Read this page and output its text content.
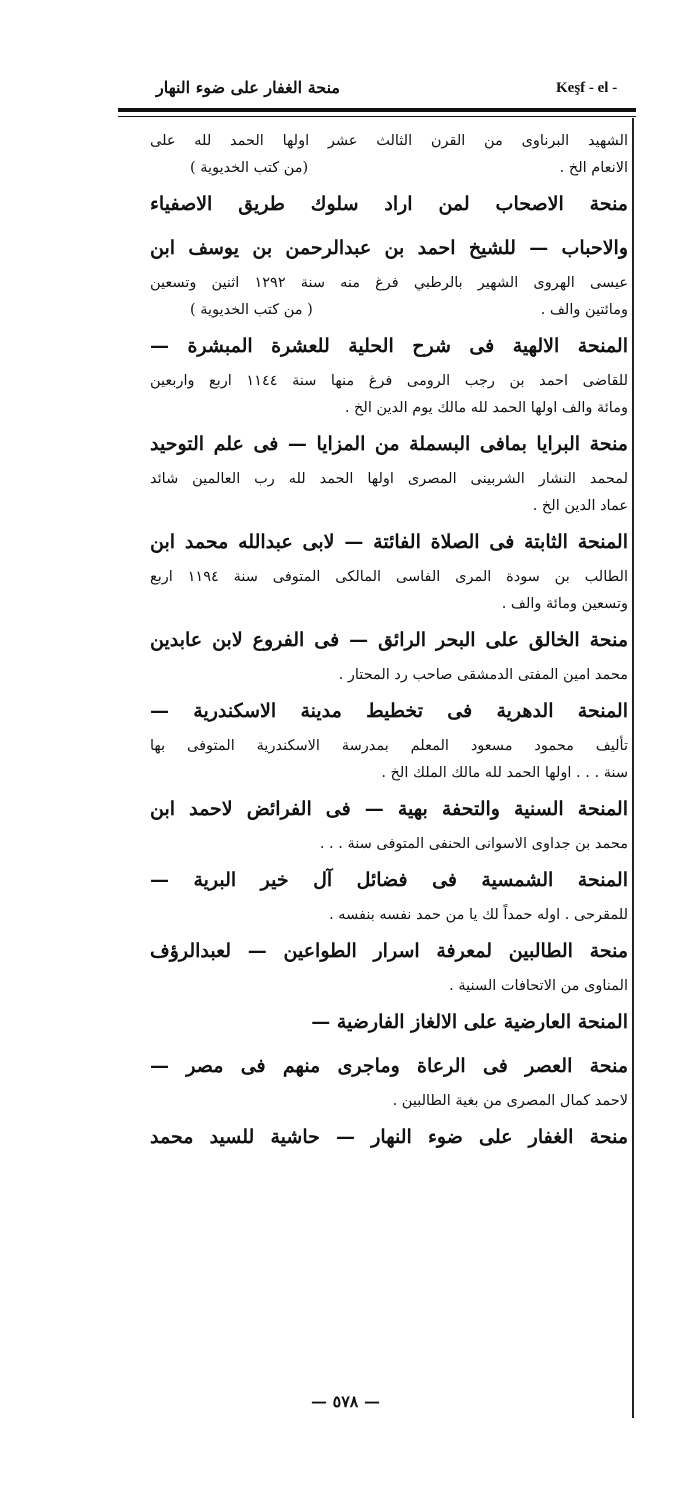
Keşf - el -
منحة الغفار على ضوء النهار
الشهيد البرناوى من القرن الثالث عشر اولها الحمد لله على
الانعام الخ .
(من كتب الخديوية )
منحة الاصحاب لمن اراد سلوك طريق الاصفياء
والاحباب — للشيخ احمد بن عبدالرحمن بن يوسف ابن
عيسى الهروى الشهير بالرطبي فرغ منه سنة ١٢٩٢ اثنين وتسعين
ومائتين والف .
( من كتب الخديوية )
المنحة الالهية فى شرح الحلية للعشرة المبشرة —
للقاضى احمد بن رجب الرومى فرغ منها سنة ١١٤٤ اربع واربعين
ومائة والف اولها الحمد لله مالك يوم الدين الخ .
منحة البرايا بمافى البسملة من المزايا — فى علم التوحيد
لمحمد النشار الشربينى المصرى اولها الحمد لله رب العالمين شائد
عماد الدين الخ .
المنحة الثابتة فى الصلاة الفائتة — لابى عبدالله محمد ابن
الطالب بن سودة المرى الفاسى المالكى المتوفى سنة ١١٩٤ اربع
وتسعين ومائة والف .
منحة الخالق على البحر الرائق — فى الفروع لابن عابدين
محمد امين المفتى الدمشقى صاحب رد المحتار .
المنحة الدهرية فى تخطيط مدينة الاسكندرية —
تأليف محمود مسعود المعلم بمدرسة الاسكندرية المتوفى بها
سنة . . . اولها الحمد لله مالك الملك الخ .
المنحة السنية والتحفة بهية — فى الفرائض لاحمد ابن
محمد بن جداوى الاسوانى الحنفى المتوفى سنة . . .
المنحة الشمسية فى فضائل آل خير البرية —
للمقرحى . اوله حمداً لك يا من حمد نفسه بنفسه .
منحة الطالبين لمعرفة اسرار الطواعين — لعبدالرؤف
المناوى من الاتحافات السنية .
المنحة العارضية على الالغاز الفارضية —
منحة العصر فى الرعاة وماجرى منهم فى مصر —
لاحمد كمال المصرى من بغية الطالبين .
منحة الغفار على ضوء النهار — حاشية للسيد محمد
— ٥٧٨ —
